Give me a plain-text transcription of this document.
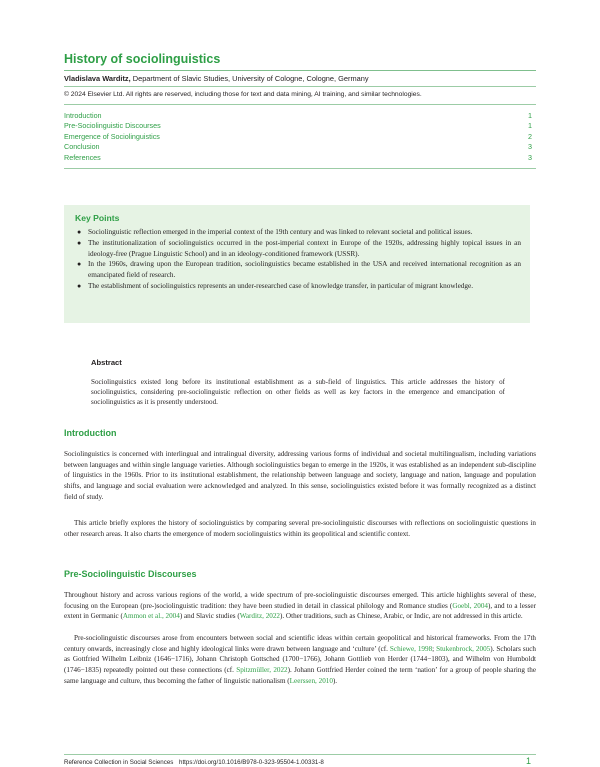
History of sociolinguistics
Vladislava Warditz, Department of Slavic Studies, University of Cologne, Cologne, Germany
© 2024 Elsevier Ltd. All rights are reserved, including those for text and data mining, AI training, and similar technologies.
Introduction	1
Pre-Sociolinguistic Discourses	1
Emergence of Sociolinguistics	2
Conclusion	3
References	3
Key Points
● Sociolinguistic reflection emerged in the imperial context of the 19th century and was linked to relevant societal and political issues.
● The institutionalization of sociolinguistics occurred in the post-imperial context in Europe of the 1920s, addressing highly topical issues in an ideology-free (Prague Linguistic School) and in an ideology-conditioned framework (USSR).
● In the 1960s, drawing upon the European tradition, sociolinguistics became established in the USA and received international recognition as an emancipated field of research.
● The establishment of sociolinguistics represents an under-researched case of knowledge transfer, in particular of migrant knowledge.
Abstract
Sociolinguistics existed long before its institutional establishment as a sub-field of linguistics. This article addresses the history of sociolinguistics, considering pre-sociolinguistic reflection on other fields as well as key factors in the emergence and emancipation of sociolinguistics as it is presently understood.
Introduction

Sociolinguistics is concerned with interlingual and intralingual diversity, addressing various forms of individual and societal multilingualism, including variations between languages and within single language varieties. Although sociolinguistics began to emerge in the 1920s, it was established as an independent sub-discipline of linguistics in the 1960s. Prior to its institutional establishment, the relationship between language and society, language and nation, language and population shifts, and language and social evaluation were acknowledged and analyzed. In this sense, sociolinguistics existed before it was formally recognized as a distinct field of study.

This article briefly explores the history of sociolinguistics by comparing several pre-sociolinguistic discourses with reflections on sociolinguistic questions in other research areas. It also charts the emergence of modern sociolinguistics within its geopolitical and scientific context.

Pre-Sociolinguistic Discourses

Throughout history and across various regions of the world, a wide spectrum of pre-sociolinguistic discourses emerged. This article highlights several of these, focusing on the European (pre-)sociolinguistic tradition: they have been studied in detail in classical philology and Romance studies (Goebl, 2004), and to a lesser extent in Germanic (Ammon et al., 2004) and Slavic studies (Warditz, 2022). Other traditions, such as Chinese, Arabic, or Indic, are not addressed in this article.

Pre-sociolinguistic discourses arose from encounters between social and scientific ideas within certain geopolitical and historical frameworks. From the 17th century onwards, increasingly close and highly ideological links were drawn between language and ‘culture’ (cf. Schiewe, 1998; Stukenbrock, 2005). Scholars such as Gottfried Wilhelm Leibniz (1646−1716), Johann Christoph Gottsched (1700−1766), Johann Gottlieb von Herder (1744−1803), and Wilhelm von Humboldt (1746−1835) repeatedly pointed out these connections (cf. Spitzmüller, 2022). Johann Gottfried Herder coined the term ‘nation’ for a group of people sharing the same language and culture, thus becoming the father of linguistic nationalism (Leerssen, 2010).

Reference Collection in Social Sciences https://doi.org/10.1016/B978-0-323-95504-1.00331-8	1
